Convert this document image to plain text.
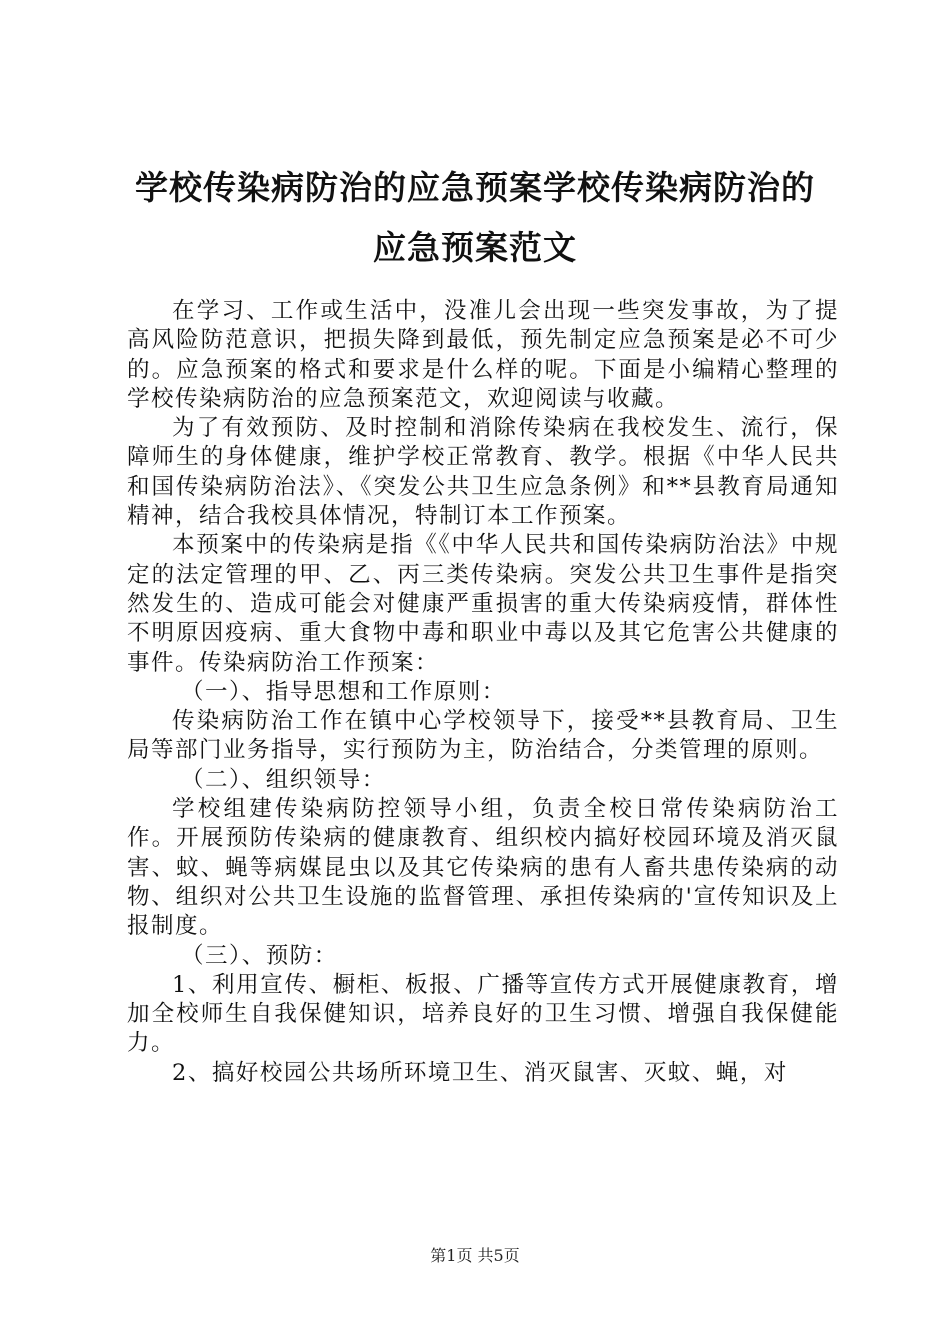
学校传染病防治的应急预案学校传染病防治的
应急预案范文

在学习、工作或生活中，没准儿会出现一些突发事故，为了提高风险防范意识，把损失降到最低，预先制定应急预案是必不可少的。应急预案的格式和要求是什么样的呢。下面是小编精心整理的学校传染病防治的应急预案范文，欢迎阅读与收藏。

为了有效预防、及时控制和消除传染病在我校发生、流行，保障师生的身体健康，维护学校正常教育、教学。根据《中华人民共和国传染病防治法》、《突发公共卫生应急条例》和**县教育局通知精神，结合我校具体情况，特制订本工作预案。

本预案中的传染病是指《《中华人民共和国传染病防治法》中规定的法定管理的甲、乙、丙三类传染病。突发公共卫生事件是指突然发生的、造成可能会对健康严重损害的重大传染病疫情，群体性不明原因疫病、重大食物中毒和职业中毒以及其它危害公共健康的事件。传染病防治工作预案：

（一）、指导思想和工作原则：

传染病防治工作在镇中心学校领导下，接受**县教育局、卫生局等部门业务指导，实行预防为主，防治结合，分类管理的原则。

（二）、组织领导：

学校组建传染病防控领导小组，负责全校日常传染病防治工作。开展预防传染病的健康教育、组织校内搞好校园环境及消灭鼠害、蚊、蝇等病媒昆虫以及其它传染病的患有人畜共患传染病的动物、组织对公共卫生设施的监督管理、承担传染病的'宣传知识及上报制度。

（三）、预防：

1、利用宣传、橱柜、板报、广播等宣传方式开展健康教育，增加全校师生自我保健知识，培养良好的卫生习惯、增强自我保健能力。

2、搞好校园公共场所环境卫生、消灭鼠害、灭蚊、蝇，对

第1页 共5页
